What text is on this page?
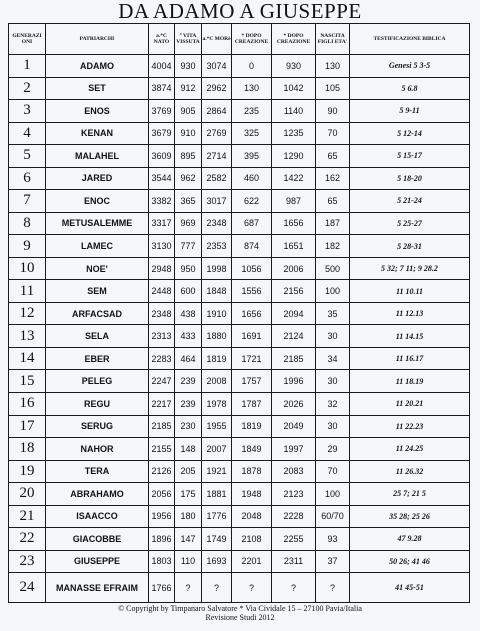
DA ADAMO A GIUSEPPE
GENERAZI ONI	PATRIARCHI	a.*C NATO	° VITA VISSUTA	a.*C MORè	* DOPO CREAZIONE	* DOPO CREAZIONE	NASCITA FIGLI ETA'	TESTIFICAZIONE BIBLICA
1	ADAMO	4004	930	3074	0	930	130	Genesi 5 3-5
2	SET	3874	912	2962	130	1042	105	5 6.8
3	ENOS	3769	905	2864	235	1140	90	5 9-11
4	KENAN	3679	910	2769	325	1235	70	5 12-14
5	MALAHEL	3609	895	2714	395	1290	65	5 15-17
6	JARED	3544	962	2582	460	1422	162	5 18-20
7	ENOC	3382	365	3017	622	987	65	5 21-24
8	METUSALEMME	3317	969	2348	687	1656	187	5 25-27
9	LAMEC	3130	777	2353	874	1651	182	5 28-31
10	NOE'	2948	950	1998	1056	2006	500	5 32; 7 11; 9 28.2
11	SEM	2448	600	1848	1556	2156	100	11 10.11
12	ARFACSAD	2348	438	1910	1656	2094	35	11 12.13
13	SELA	2313	433	1880	1691	2124	30	11 14.15
14	EBER	2283	464	1819	1721	2185	34	11 16.17
15	PELEG	2247	239	2008	1757	1996	30	11 18.19
16	REGU	2217	239	1978	1787	2026	32	11 20.21
17	SERUG	2185	230	1955	1819	2049	30	11 22.23
18	NAHOR	2155	148	2007	1849	1997	29	11 24.25
19	TERA	2126	205	1921	1878	2083	70	11 26.32
20	ABRAHAMO	2056	175	1881	1948	2123	100	25 7; 21 5
21	ISAACCO	1956	180	1776	2048	2228	60/70	35 28; 25 26
22	GIACOBBE	1896	147	1749	2108	2255	93	47 9.28
23	GIUSEPPE	1803	110	1693	2201	2311	37	50 26; 41 46
24	MANASSE EFRAIM	1766	?	?	?	?	?	41 45-51
© Copyright by Timpanaro Salvatore * Via Cividale 15 – 27100 Pavia/Italia
Revisione Studi 2012
